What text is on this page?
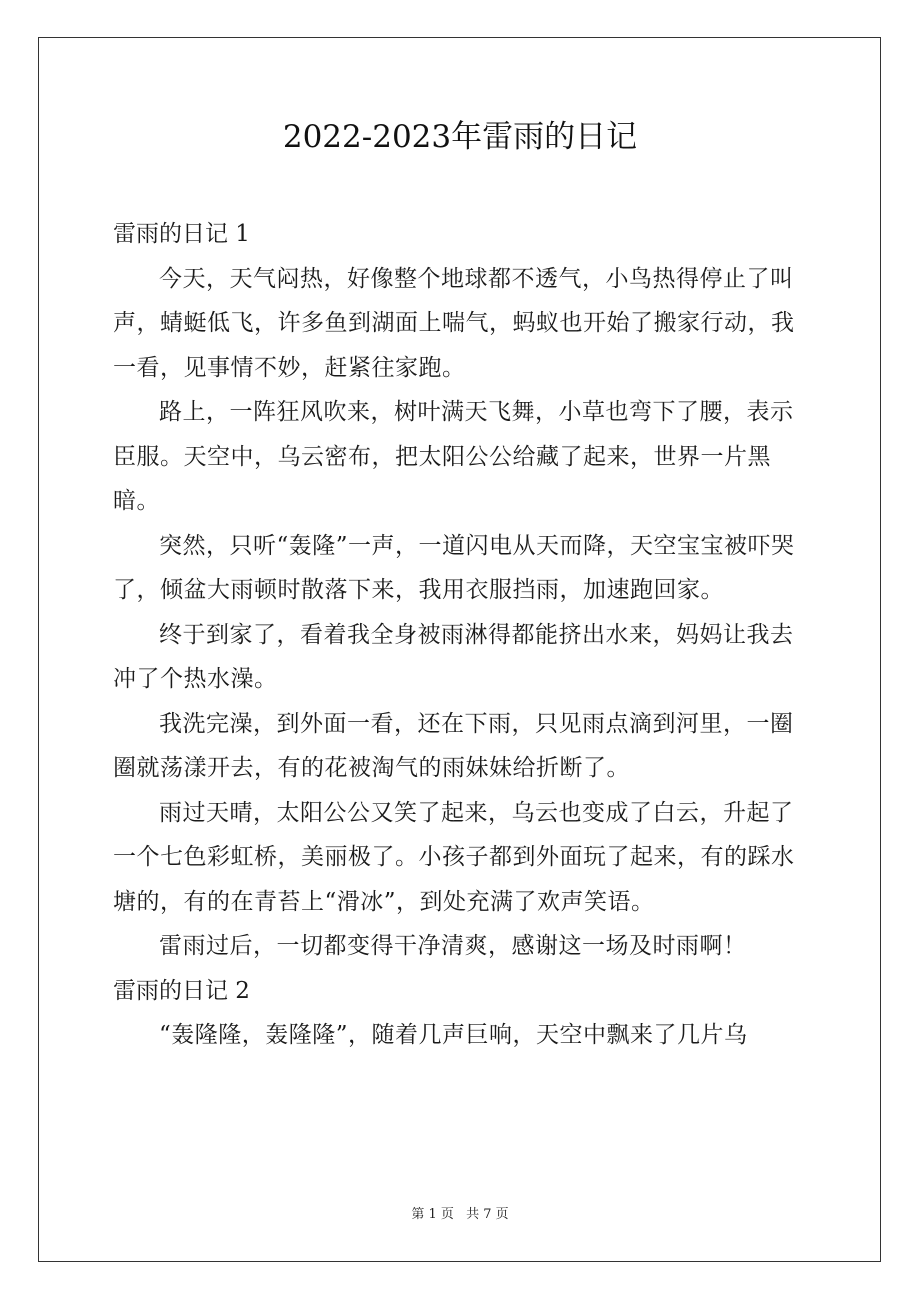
2022-2023年雷雨的日记
雷雨的日记 1

今天，天气闷热，好像整个地球都不透气，小鸟热得停止了叫声，蜻蜓低飞，许多鱼到湖面上喘气，蚂蚁也开始了搬家行动，我一看，见事情不妙，赶紧往家跑。

路上，一阵狂风吹来，树叶满天飞舞，小草也弯下了腰，表示臣服。天空中，乌云密布，把太阳公公给藏了起来，世界一片黑暗。

突然，只听“轰隆”一声，一道闪电从天而降，天空宝宝被吓哭了，倾盆大雨顿时散落下来，我用衣服挡雨，加速跑回家。

终于到家了，看着我全身被雨淋得都能挤出水来，妈妈让我去冲了个热水澡。

我洗完澡，到外面一看，还在下雨，只见雨点滴到河里，一圈圈就荡漾开去，有的花被淘气的雨妹妹给折断了。

雨过天晴，太阳公公又笑了起来，乌云也变成了白云，升起了一个七色彩虹桥，美丽极了。小孩子都到外面玩了起来，有的踩水塘的，有的在青苔上“滑冰”，到处充满了欢声笑语。

雷雨过后，一切都变得干净清爽，感谢这一场及时雨啊！

雷雨的日记 2

“轰隆隆，轰隆隆”，随着几声巨响，天空中飘来了几片乌

第 1 页 共 7 页
